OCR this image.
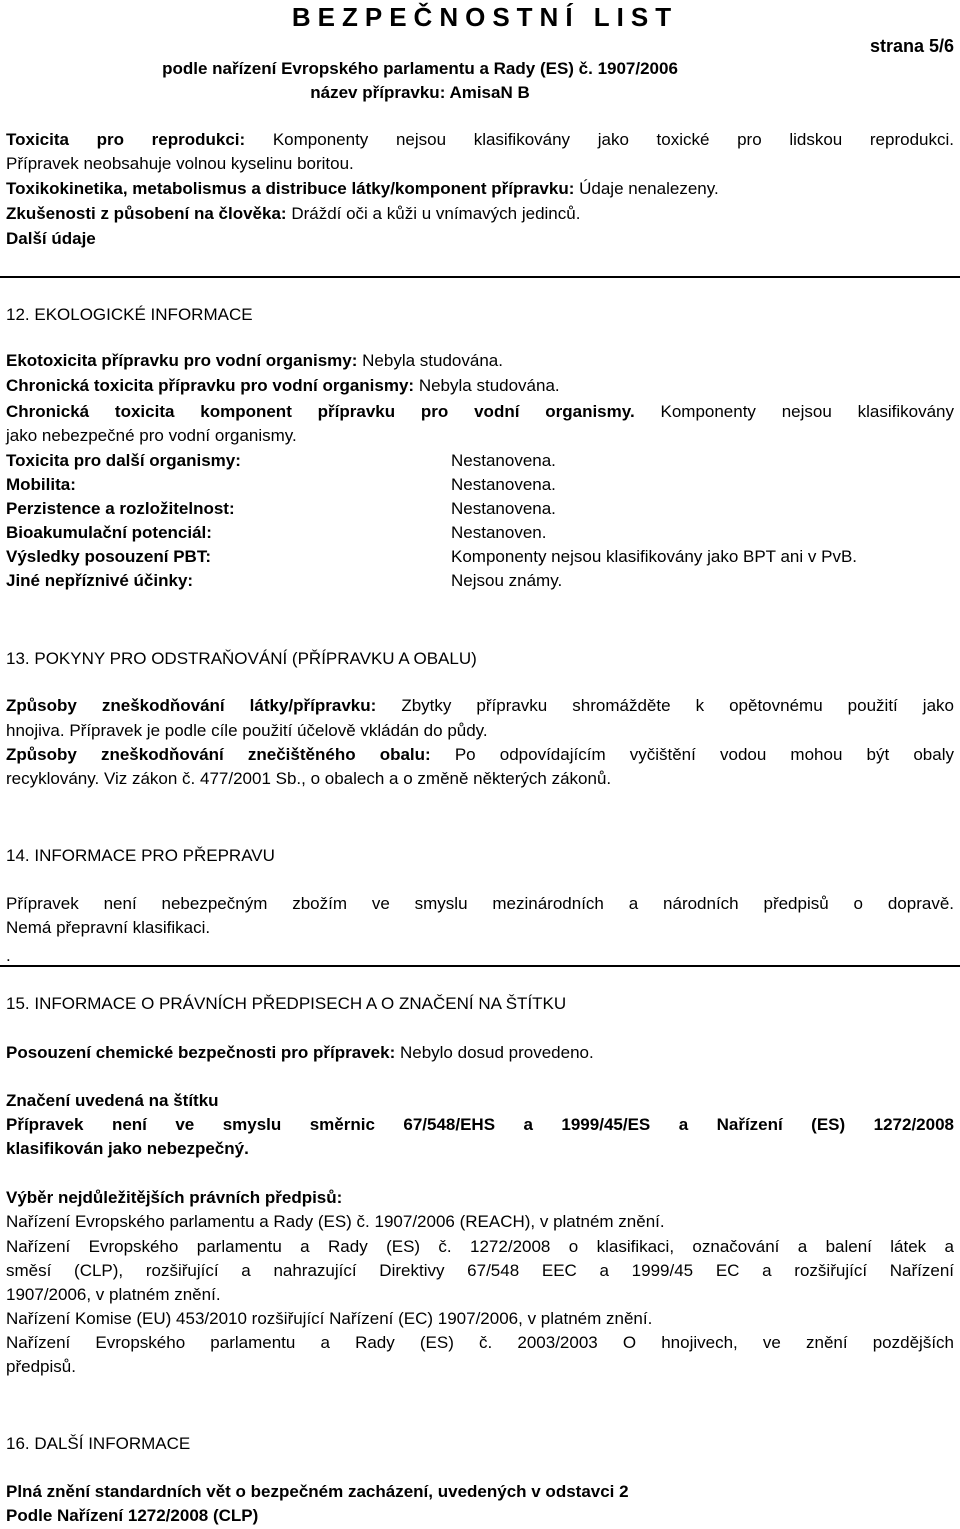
BEZPEČNOSTNÍ LIST
podle nařízení Evropského parlamentu a Rady (ES) č. 1907/2006
název přípravku: AmisaN B
strana 5/6
Toxicita pro reprodukci: Komponenty nejsou klasifikovány jako toxické pro lidskou reprodukci.
Přípravek neobsahuje volnou kyselinu boritou.
Toxikokinetika, metabolismus a distribuce látky/komponent přípravku: Údaje nenalezeny.
Zkušenosti z působení na člověka: Dráždí oči a kůži u vnímavých jedinců.
Další údaje
12. EKOLOGICKÉ INFORMACE
Ekotoxicita přípravku pro vodní organismy: Nebyla studována.
Chronická toxicita přípravku pro vodní organismy: Nebyla studována.
Chronická toxicita komponent přípravku pro vodní organismy. Komponenty nejsou klasifikovány
jako nebezpečné pro vodní organismy.
Toxicita pro další organismy:	Nestanovena.
Mobilita:	Nestanovena.
Perzistence a rozložitelnost:	Nestanovena.
Bioakumulační potenciál:	Nestanoven.
Výsledky posouzení PBT:	Komponenty nejsou klasifikovány jako BPT ani v PvB.
Jiné nepříznivé účinky:	Nejsou známy.
13. POKYNY PRO ODSTRAŇOVÁNÍ (PŘÍPRAVKU A OBALU)
Způsoby zneškodňování látky/přípravku: Zbytky přípravku shromážděte k opětovnému použití jako
hnojiva. Přípravek je podle cíle použití účelově vkládán do půdy.
Způsoby zneškodňování znečištěného obalu: Po odpovídajícím vyčištění vodou mohou být obaly
recyklovány. Viz zákon č. 477/2001 Sb., o obalech a o změně některých zákonů.
14. INFORMACE PRO PŘEPRAVU
Přípravek není nebezpečným zbožím ve smyslu mezinárodních a národních předpisů o dopravě.
Nemá přepravní klasifikaci.
.
15. INFORMACE O PRÁVNÍCH PŘEDPISECH A O ZNAČENÍ NA ŠTÍTKU
Posouzení chemické bezpečnosti pro přípravek: Nebylo dosud provedeno.
Značení uvedená na štítku
Přípravek není ve smyslu směrnic 67/548/EHS a 1999/45/ES a Nařízení (ES) 1272/2008
klasifikován jako nebezpečný.
Výběr nejdůležitějších právních předpisů:
Nařízení Evropského parlamentu a Rady (ES) č. 1907/2006 (REACH), v platném znění.
Nařízení Evropského parlamentu a Rady (ES) č. 1272/2008 o klasifikaci, označování a balení látek a
směsí (CLP), rozšiřující a nahrazující Direktivy 67/548 EEC a 1999/45 EC a rozšiřující Nařízení
1907/2006, v platném znění.
Nařízení Komise (EU) 453/2010 rozšiřující Nařízení (EC) 1907/2006, v platném znění.
Nařízení Evropského parlamentu a Rady (ES) č. 2003/2003 O hnojivech, ve znění pozdějších
předpisů.
16. DALŠÍ INFORMACE
Plná znění standardních vět o bezpečném zacházení, uvedených v odstavci 2
Podle Nařízení 1272/2008 (CLP)
